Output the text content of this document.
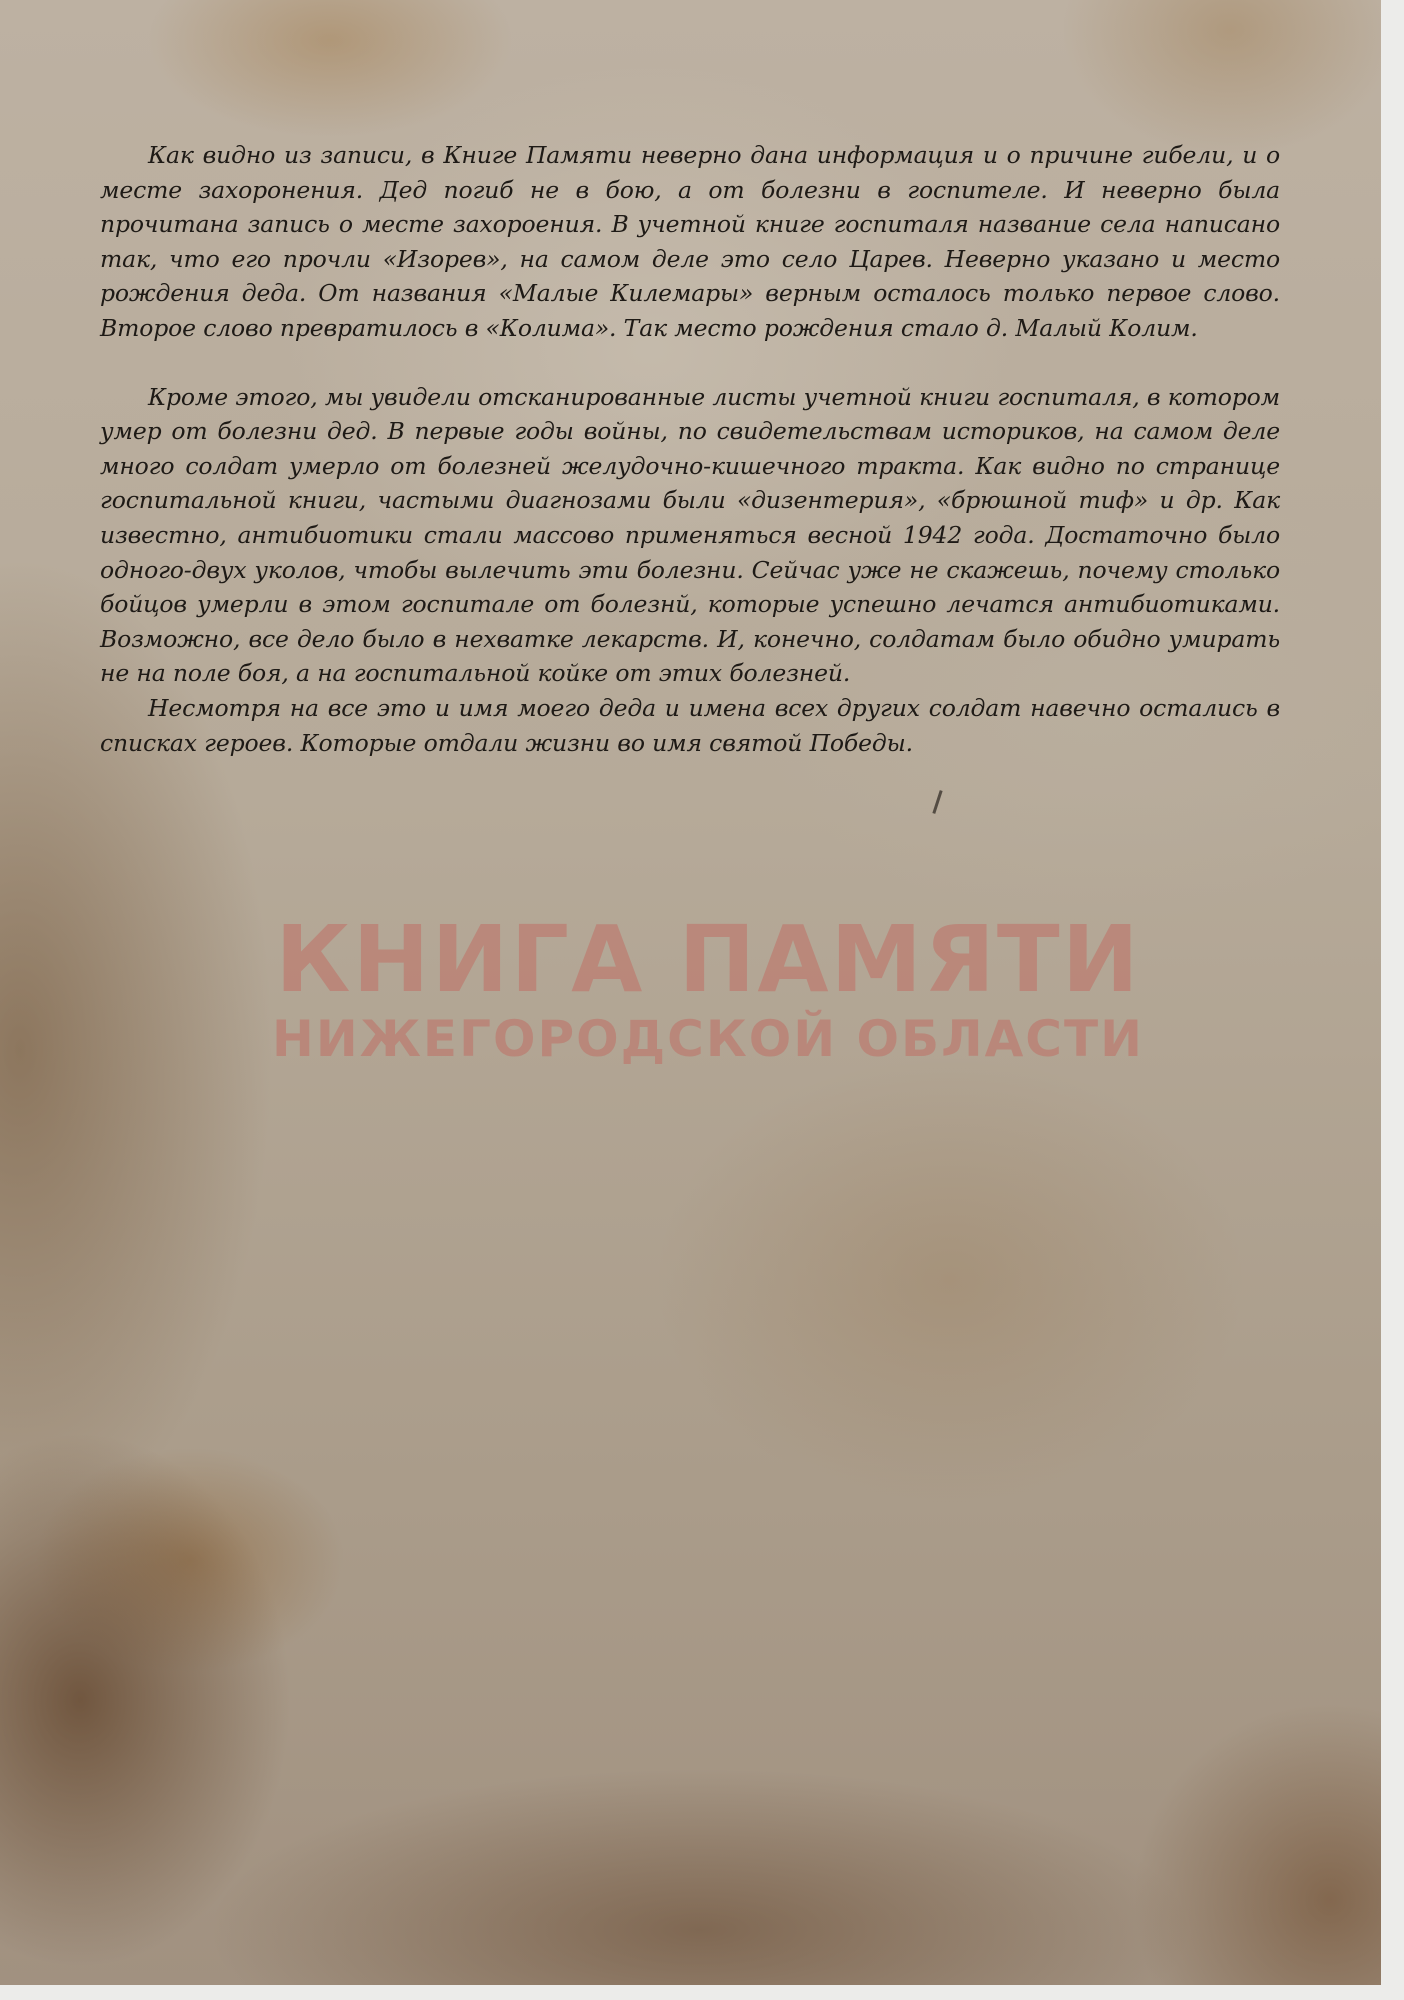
КНИГА ПАМЯТИ
НИЖЕГОРОДСКОЙ ОБЛАСТИ

Как видно из записи, в Книге Памяти неверно дана информация и о причине гибели, и о месте захоронения. Дед погиб не в бою, а от болезни в госпителе. И неверно была прочитана запись о месте захороения. В учетной книге госпиталя название села написано так, что его прочли «Изорев», на самом деле это село Царев. Неверно указано и место рождения деда. От названия «Малые Килемары» верным осталось только первое слово. Второе слово превратилось в «Колима». Так место рождения стало д. Малый Колим.

Кроме этого, мы увидели отсканированные листы учетной книги госпиталя, в котором умер от болезни дед. В первые годы войны, по свидетельствам историков, на самом деле много солдат умерло от болезней желудочно-кишечного тракта. Как видно по странице госпитальной книги, частыми диагнозами были «дизентерия», «брюшной тиф» и др. Как известно, антибиотики стали массово применяться весной 1942 года. Достаточно было одного-двух уколов, чтобы вылечить эти болезни. Сейчас уже не скажешь, почему столько бойцов умерли в этом госпитале от болезнй, которые успешно лечатся антибиотиками. Возможно, все дело было в нехватке лекарств. И, конечно, солдатам было обидно умирать не на поле боя, а на госпитальной койке от этих болезней.

Несмотря на все это и имя моего деда и имена всех других солдат навечно остались в списках героев. Которые отдали жизни во имя святой Победы.
